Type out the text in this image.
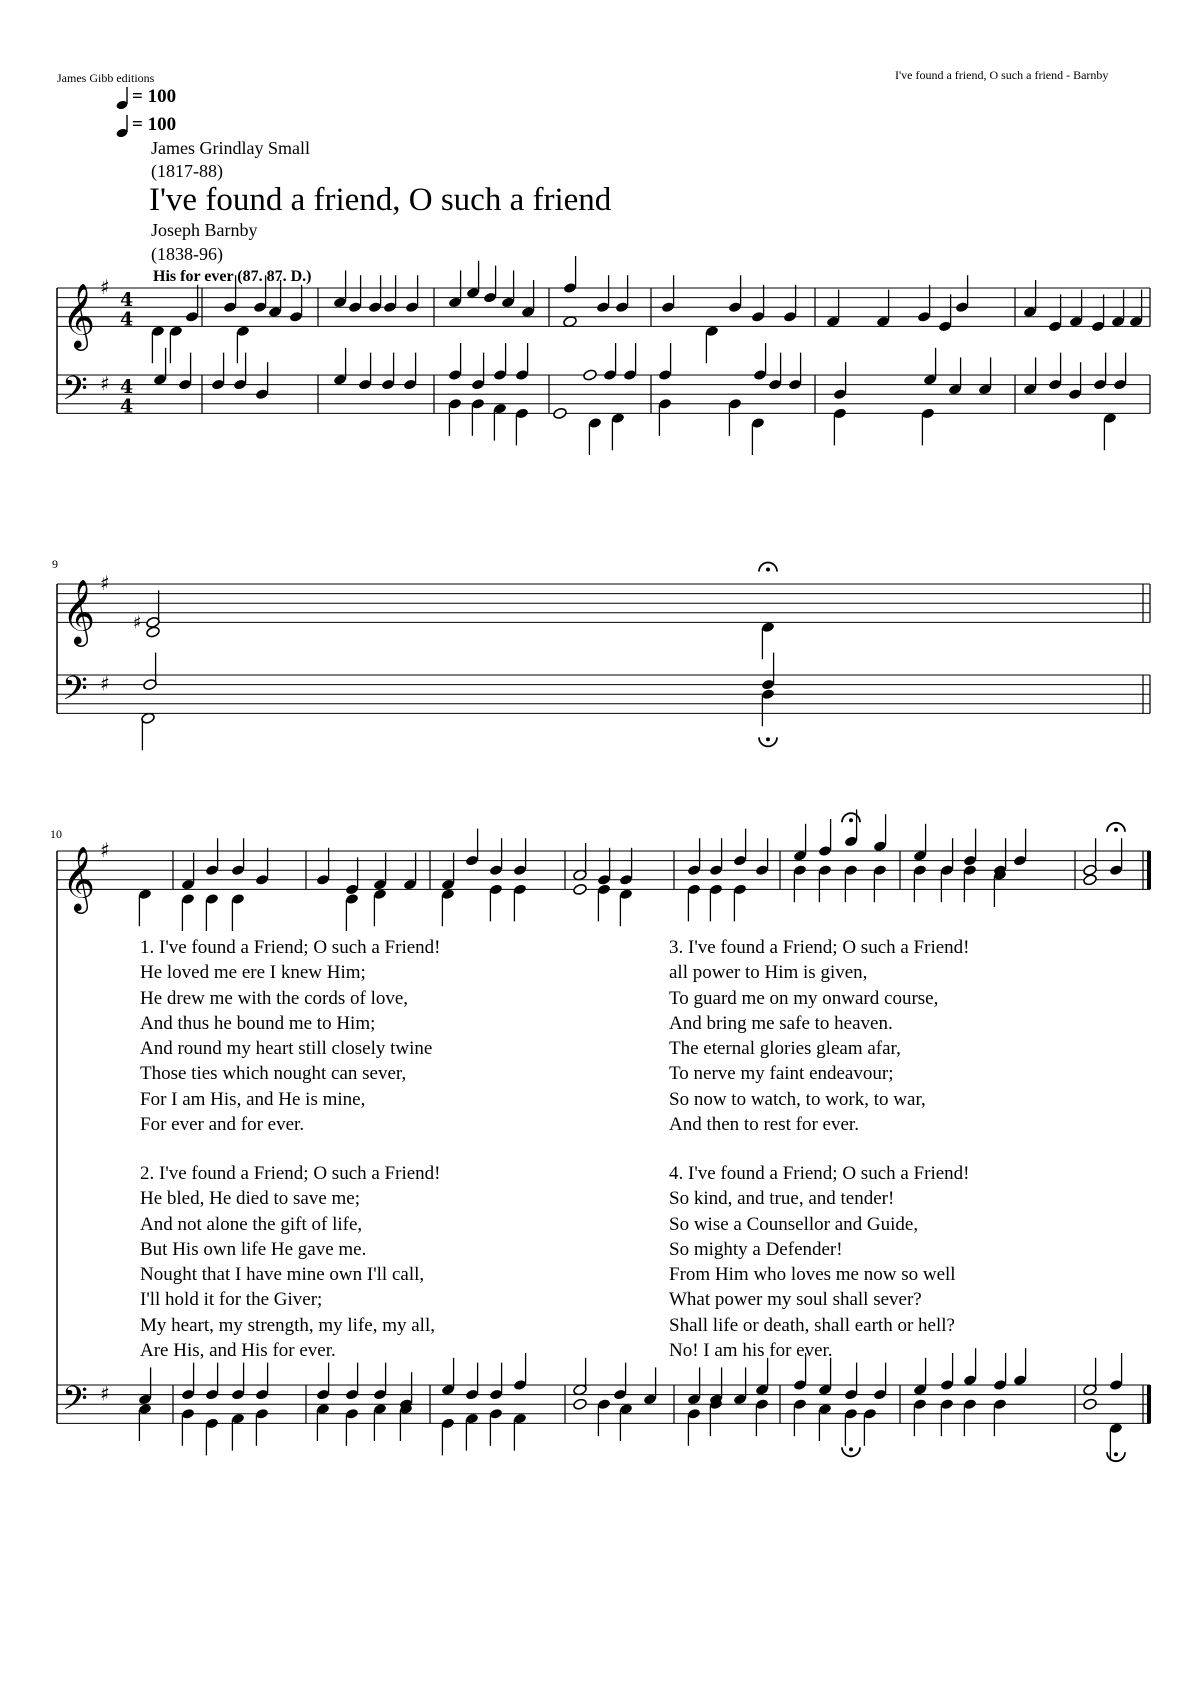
James Gibb editions	I've found a friend, O such a friend - Barnby
= 100
= 100
James Grindlay Small
(1817-88)
I've found a friend, O such a friend
Joseph Barnby
(1838-96)
His for ever (87. 87. D.)
9
10
𝄞
𝄢
♯
♯
4
4
4
4
𝄞
𝄢
♯
♯
♯
𝄞
𝄢
♯
♯
1. I've found a Friend; O such a Friend!
He loved me ere I knew Him;
He drew me with the cords of love,
And thus he bound me to Him;
And round my heart still closely twine
Those ties which nought can sever,
For I am His, and He is mine,
For ever and for ever.
2. I've found a Friend; O such a Friend!
He bled, He died to save me;
And not alone the gift of life,
But His own life He gave me.
Nought that I have mine own I'll call,
I'll hold it for the Giver;
My heart, my strength, my life, my all,
Are His, and His for ever.
3. I've found a Friend; O such a Friend!
all power to Him is given,
To guard me on my onward course,
And bring me safe to heaven.
The eternal glories gleam afar,
To nerve my faint endeavour;
So now to watch, to work, to war,
And then to rest for ever.
4. I've found a Friend; O such a Friend!
So kind, and true, and tender!
So wise a Counsellor and Guide,
So mighty a Defender!
From Him who loves me now so well
What power my soul shall sever?
Shall life or death, shall earth or hell?
No! I am his for ever.
